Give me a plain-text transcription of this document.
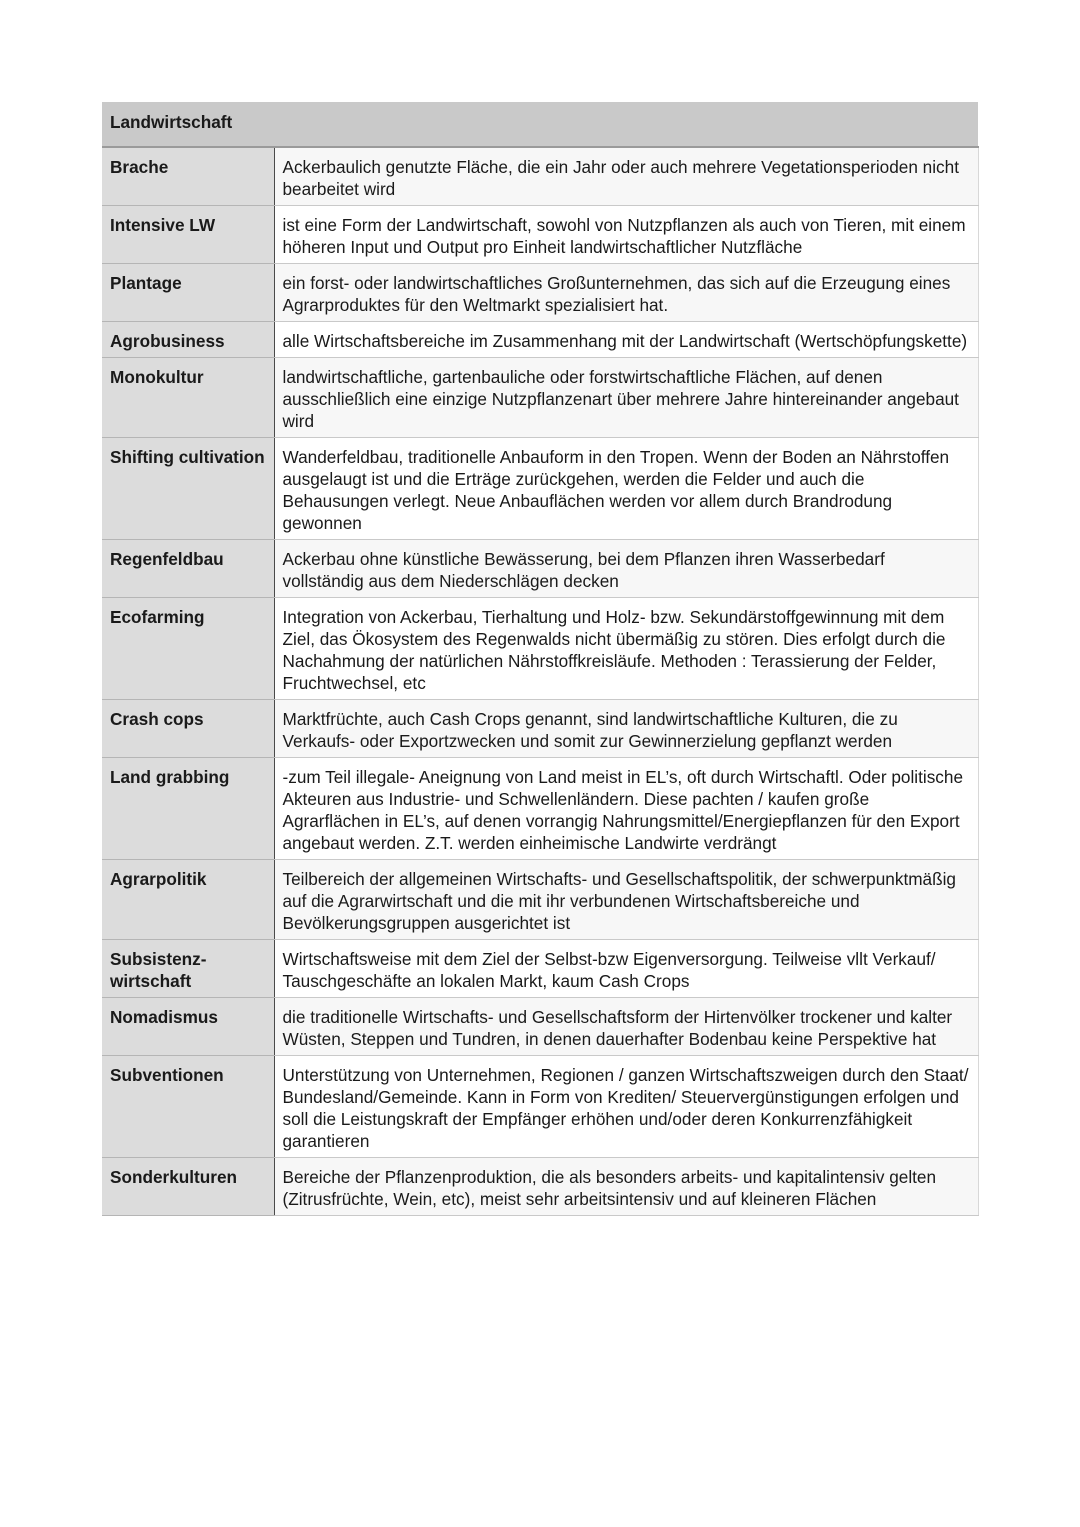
Landwirtschaft	
Brache	Ackerbaulich genutzte Fläche, die ein Jahr oder auch mehrere Vegetationsperioden nicht bearbeitet wird
Intensive LW	ist eine Form der Landwirtschaft, sowohl von Nutzpflanzen als auch von Tieren, mit einem höheren Input und Output pro Einheit landwirtschaftlicher Nutzfläche
Plantage	ein forst- oder landwirtschaftliches Großunternehmen, das sich auf die Erzeugung eines Agrarproduktes für den Weltmarkt spezialisiert hat.
Agrobusiness	alle Wirtschaftsbereiche im Zusammenhang mit der Landwirtschaft (Wertschöpfungskette)
Monokultur	landwirtschaftliche, gartenbauliche oder forstwirtschaftliche Flächen, auf denen ausschließlich eine einzige Nutzpflanzenart über mehrere Jahre hintereinander angebaut wird
Shifting cultivation	Wanderfeldbau, traditionelle Anbauform in den Tropen. Wenn der Boden an Nährstoffen ausgelaugt ist und die Erträge zurückgehen, werden die Felder und auch die Behausungen verlegt. Neue Anbauflächen werden vor allem durch Brandrodung gewonnen
Regenfeldbau	Ackerbau ohne künstliche Bewässerung, bei dem Pflanzen ihren Wasserbedarf vollständig aus dem Niederschlägen decken
Ecofarming	Integration von Ackerbau, Tierhaltung und Holz- bzw. Sekundärstoffgewinnung mit dem Ziel, das Ökosystem des Regenwalds nicht übermäßig zu stören. Dies erfolgt durch die Nachahmung der natürlichen Nährstoffkreisläufe. Methoden : Terassierung der Felder, Fruchtwechsel, etc
Crash cops	Marktfrüchte, auch Cash Crops genannt, sind landwirtschaftliche Kulturen, die zu Verkaufs- oder Exportzwecken und somit zur Gewinnerzielung gepflanzt werden
Land grabbing	-zum Teil illegale- Aneignung von Land meist in EL’s, oft durch Wirtschaftl. Oder politische Akteuren aus Industrie- und Schwellenländern. Diese pachten / kaufen große Agrarflächen in EL’s, auf denen vorrangig Nahrungsmittel/Energiepflanzen für den Export angebaut werden. Z.T. werden einheimische Landwirte verdrängt
Agrarpolitik	Teilbereich der allgemeinen Wirtschafts- und Gesellschaftspolitik, der schwerpunktmäßig auf die Agrarwirtschaft und die mit ihr verbundenen Wirtschaftsbereiche und Bevölkerungsgruppen ausgerichtet ist
Subsistenz-wirtschaft	Wirtschaftsweise mit dem Ziel der Selbst-bzw Eigenversorgung. Teilweise vllt Verkauf/ Tauschgeschäfte an lokalen Markt, kaum Cash Crops
Nomadismus	die traditionelle Wirtschafts- und Gesellschaftsform der Hirtenvölker trockener und kalter Wüsten, Steppen und Tundren, in denen dauerhafter Bodenbau keine Perspektive hat
Subventionen	Unterstützung von Unternehmen, Regionen / ganzen Wirtschaftszweigen durch den Staat/ Bundesland/Gemeinde. Kann in Form von Krediten/ Steuervergünstigungen erfolgen und soll die Leistungskraft der Empfänger erhöhen und/oder deren Konkurrenzfähigkeit garantieren
Sonderkulturen	Bereiche der Pflanzenproduktion, die als besonders arbeits- und kapitalintensiv gelten (Zitrusfrüchte, Wein, etc), meist sehr arbeitsintensiv und auf kleineren Flächen
